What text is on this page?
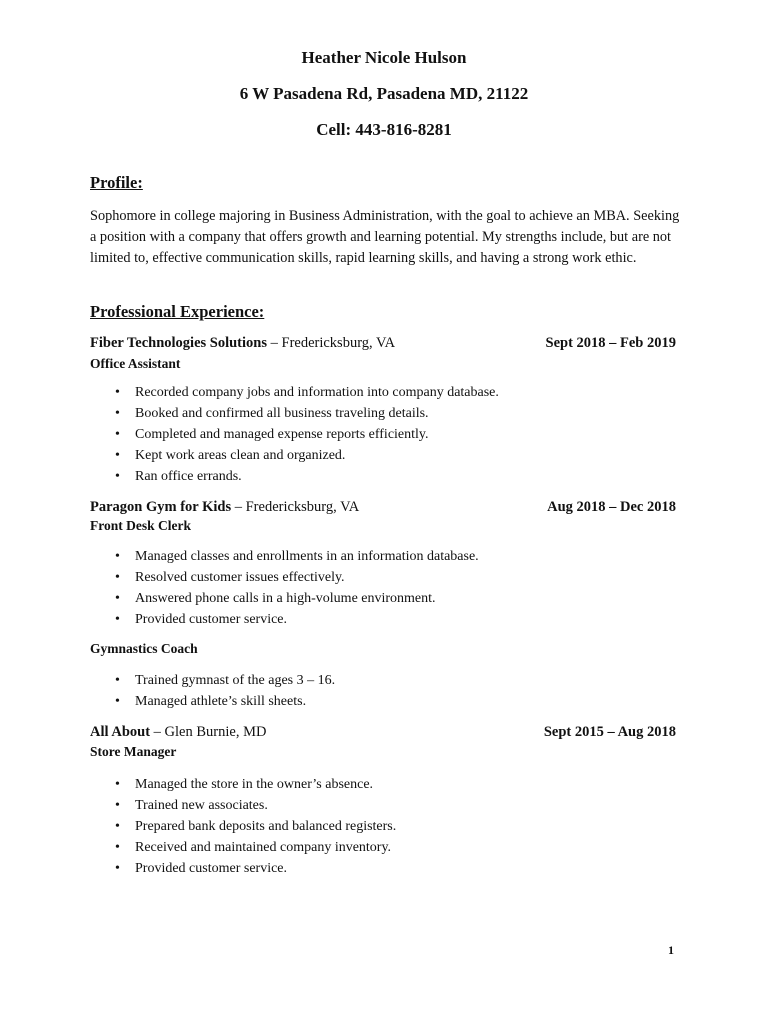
Heather Nicole Hulson
6 W Pasadena Rd, Pasadena MD, 21122
Cell: 443-816-8281
Profile:
Sophomore in college majoring in Business Administration, with the goal to achieve an MBA. Seeking a position with a company that offers growth and learning potential. My strengths include, but are not limited to, effective communication skills, rapid learning skills, and having a strong work ethic.
Professional Experience:
Fiber Technologies Solutions – Fredericksburg, VA	Sept 2018 – Feb 2019
Office Assistant
• Recorded company jobs and information into company database.
• Booked and confirmed all business traveling details.
• Completed and managed expense reports efficiently.
• Kept work areas clean and organized.
• Ran office errands.
Paragon Gym for Kids – Fredericksburg, VA	Aug 2018 – Dec 2018
Front Desk Clerk
• Managed classes and enrollments in an information database.
• Resolved customer issues effectively.
• Answered phone calls in a high-volume environment.
• Provided customer service.
Gymnastics Coach
• Trained gymnast of the ages 3 – 16.
• Managed athlete’s skill sheets.
All About – Glen Burnie, MD	Sept 2015 – Aug 2018
Store Manager
• Managed the store in the owner’s absence.
• Trained new associates.
• Prepared bank deposits and balanced registers.
• Received and maintained company inventory.
• Provided customer service.
1
